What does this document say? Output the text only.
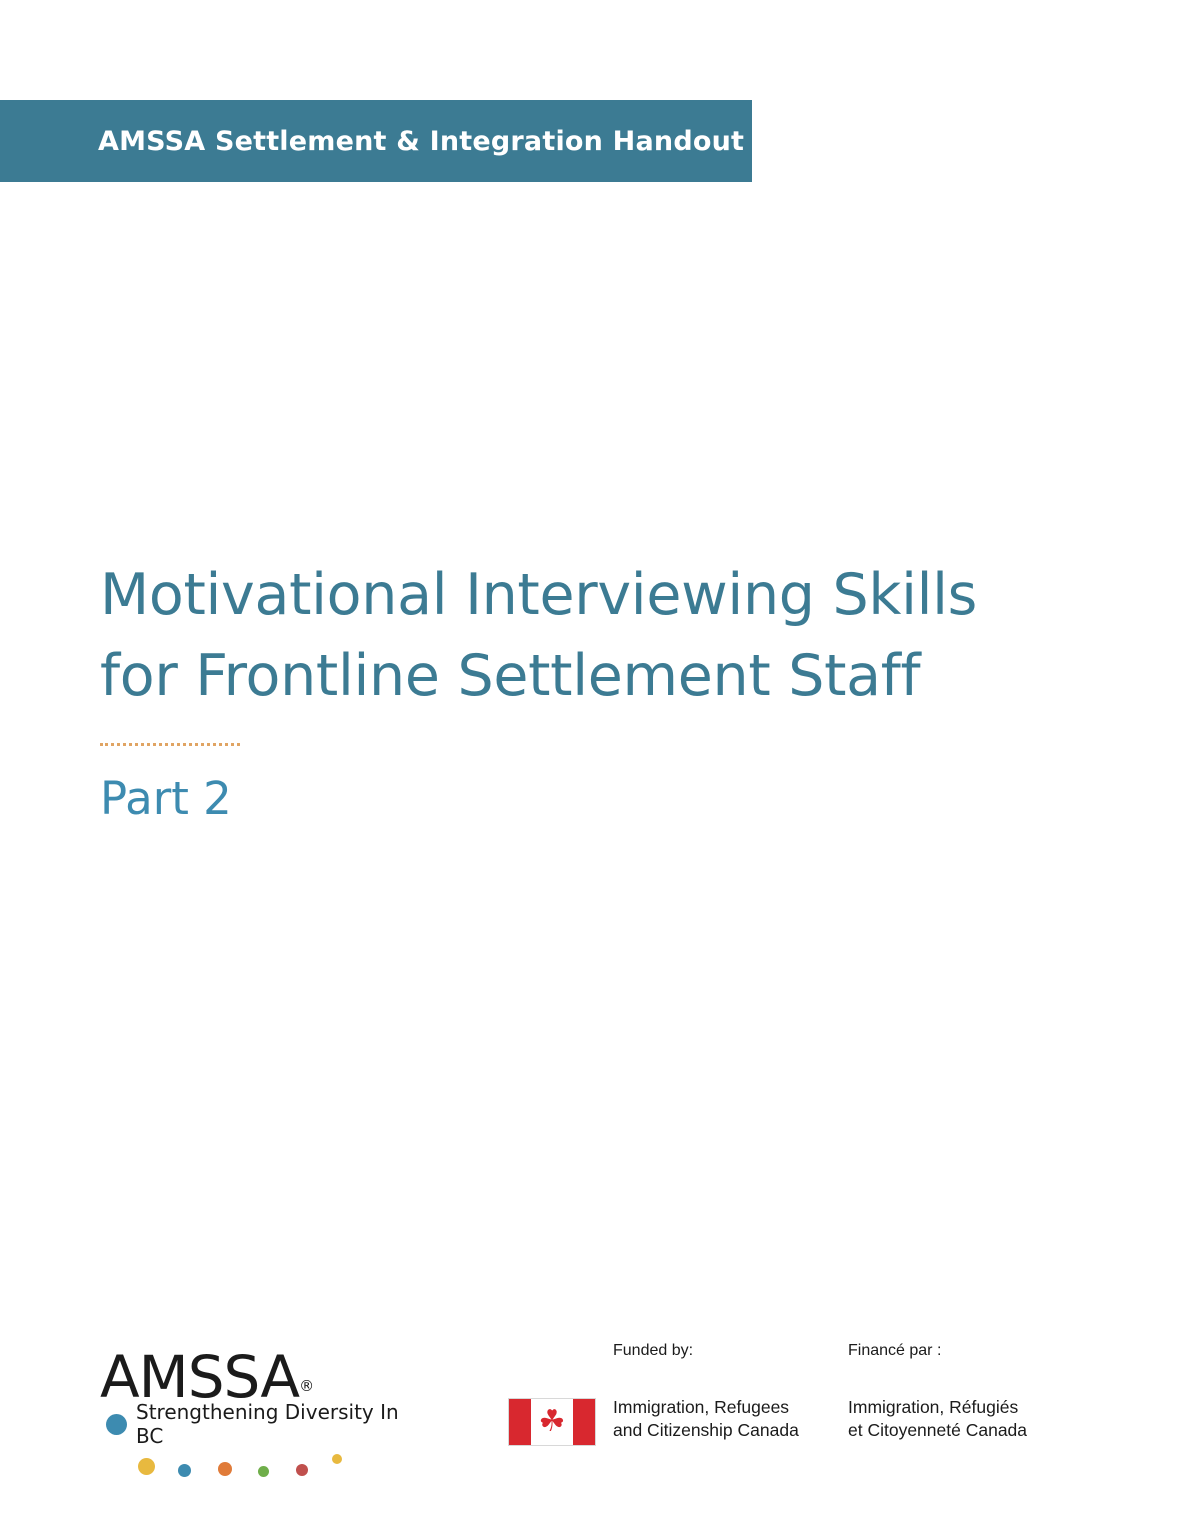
AMSSA Settlement & Integration Handout
Motivational Interviewing Skills
for Frontline Settlement Staff
Part 2
AMSSA®
Strengthening Diversity In BC
Funded by:	Financé par :
☘	Immigration, Refugees
and Citizenship Canada
Immigration, Réfugiés
et Citoyenneté Canada
